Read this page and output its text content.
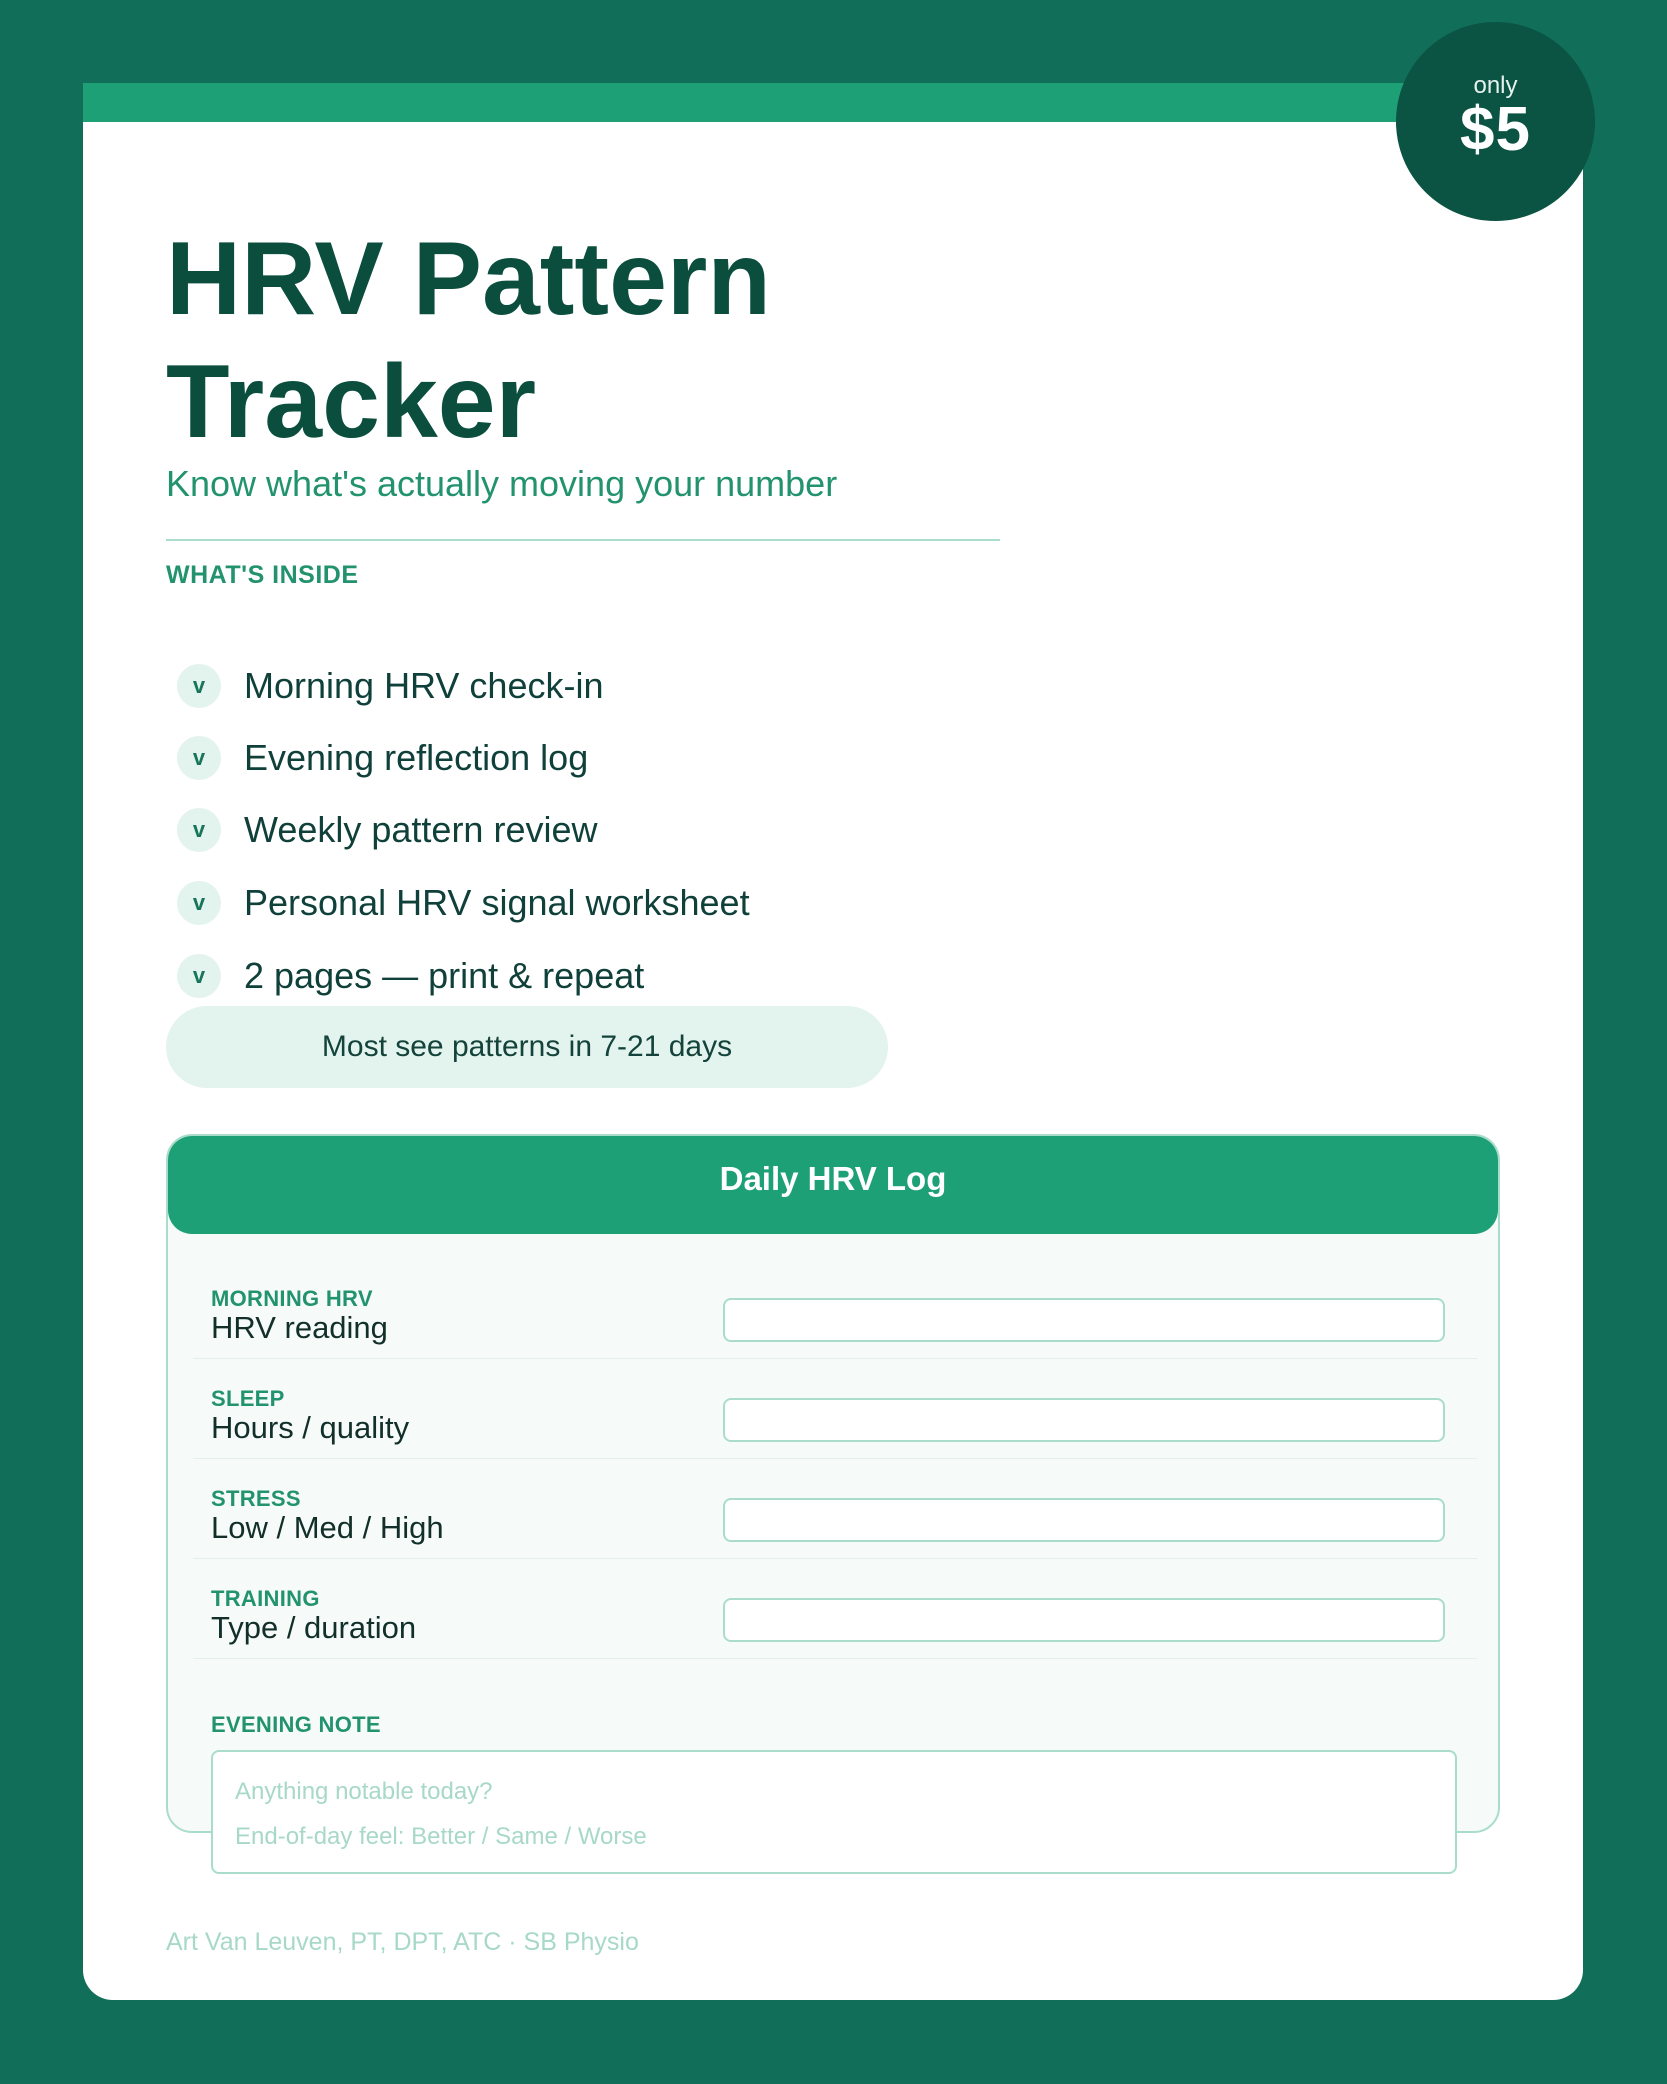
HRV Pattern
Tracker
Know what's actually moving your number
WHAT'S INSIDE
v	Morning HRV check-in
v	Evening reflection log
v	Weekly pattern review
v	Personal HRV signal worksheet
v	2 pages — print & repeat
Most see patterns in 7-21 days
Daily HRV Log
MORNING HRV
HRV reading
SLEEP
Hours / quality
STRESS
Low / Med / High
TRAINING
Type / duration
EVENING NOTE
Anything notable today?
End-of-day feel: Better / Same / Worse
Art Van Leuven, PT, DPT, ATC · SB Physio
only
$5
